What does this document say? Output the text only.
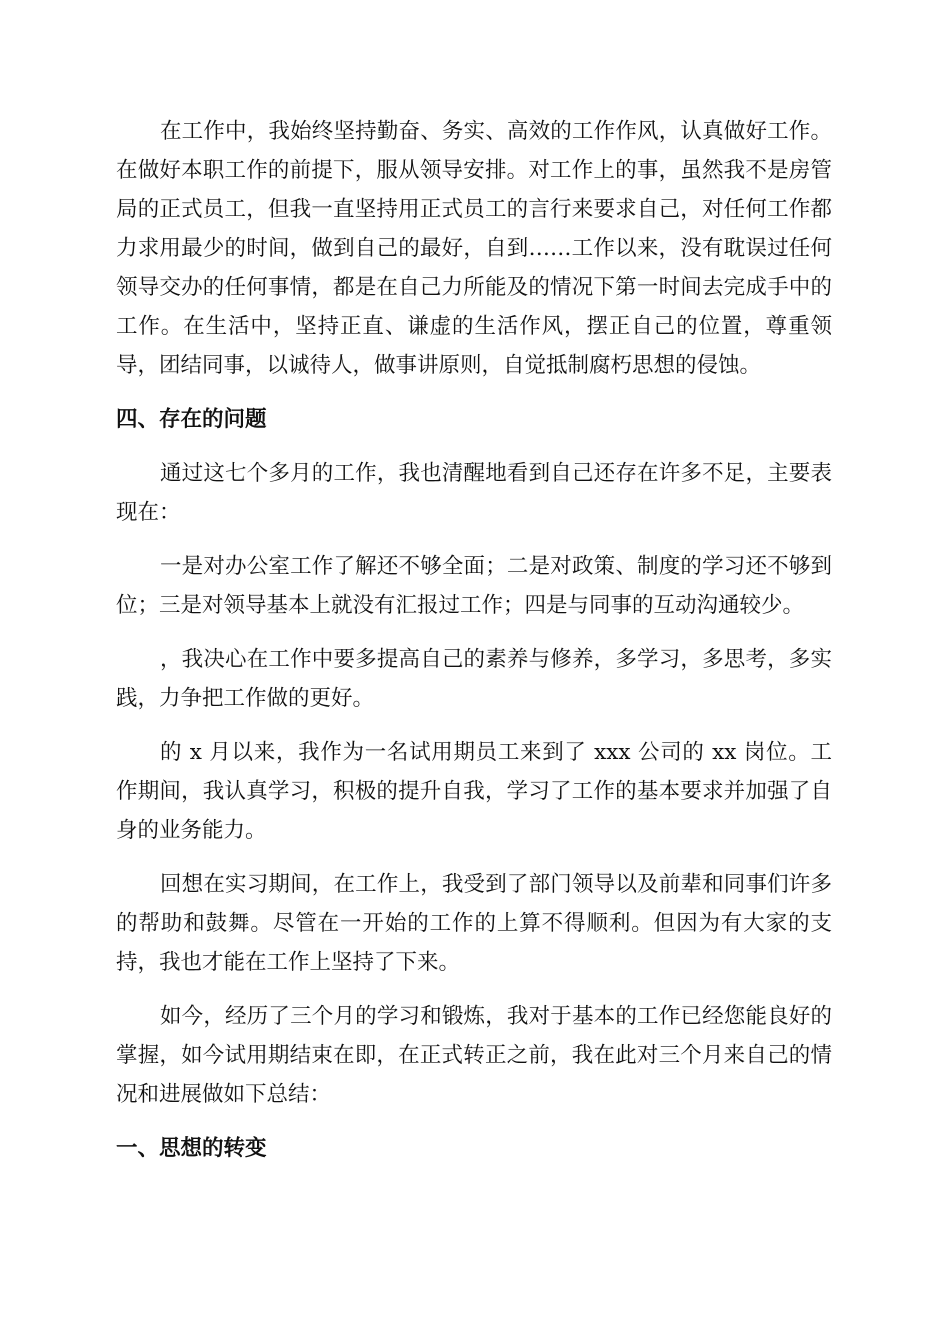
在工作中，我始终坚持勤奋、务实、高效的工作作风，认真做好工作。在做好本职工作的前提下，服从领导安排。对工作上的事，虽然我不是房管局的正式员工，但我一直坚持用正式员工的言行来要求自己，对任何工作都力求用最少的时间，做到自己的最好，自到……工作以来，没有耽误过任何领导交办的任何事情，都是在自己力所能及的情况下第一时间去完成手中的工作。在生活中，坚持正直、谦虚的生活作风，摆正自己的位置，尊重领导，团结同事，以诚待人，做事讲原则，自觉抵制腐朽思想的侵蚀。

四、存在的问题

通过这七个多月的工作，我也清醒地看到自己还存在许多不足，主要表现在：

一是对办公室工作了解还不够全面；二是对政策、制度的学习还不够到位；三是对领导基本上就没有汇报过工作；四是与同事的互动沟通较少。

，我决心在工作中要多提高自己的素养与修养，多学习，多思考，多实践，力争把工作做的更好。

的 x 月以来，我作为一名试用期员工来到了 xxx 公司的 xx 岗位。工作期间，我认真学习，积极的提升自我，学习了工作的基本要求并加强了自身的业务能力。

回想在实习期间，在工作上，我受到了部门领导以及前辈和同事们许多的帮助和鼓舞。尽管在一开始的工作的上算不得顺利。但因为有大家的支持，我也才能在工作上坚持了下来。

如今，经历了三个月的学习和锻炼，我对于基本的工作已经您能良好的掌握，如今试用期结束在即，在正式转正之前，我在此对三个月来自己的情况和进展做如下总结：

一、思想的转变
